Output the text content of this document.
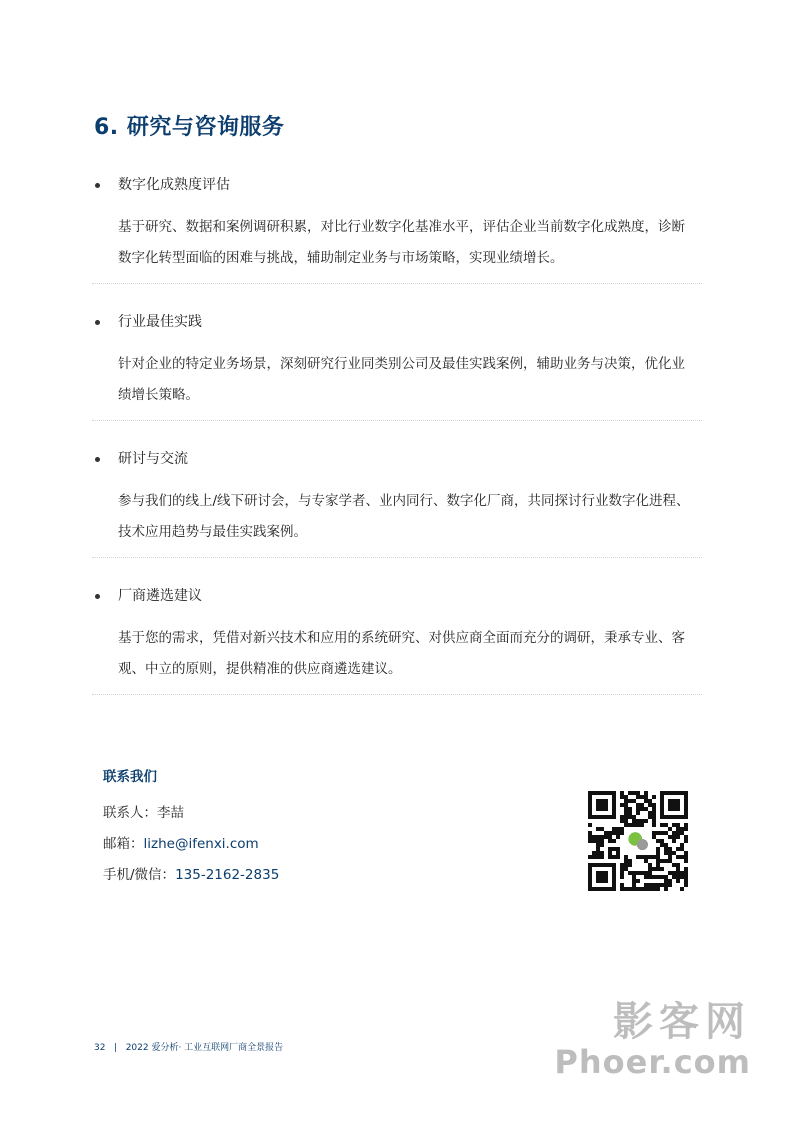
6. 研究与咨询服务
数字化成熟度评估
基于研究、数据和案例调研积累，对比行业数字化基准水平，评估企业当前数字化成熟度，诊断
数字化转型面临的困难与挑战，辅助制定业务与市场策略，实现业绩增长。
行业最佳实践
针对企业的特定业务场景，深刻研究行业同类别公司及最佳实践案例，辅助业务与决策，优化业
绩增长策略。
研讨与交流
参与我们的线上/线下研讨会，与专家学者、业内同行、数字化厂商，共同探讨行业数字化进程、
技术应用趋势与最佳实践案例。
厂商遴选建议
基于您的需求，凭借对新兴技术和应用的系统研究、对供应商全面而充分的调研，秉承专业、客
观、中立的原则，提供精准的供应商遴选建议。
联系我们
联系人：李喆
邮箱：lizhe@ifenxi.com
手机/微信：135-2162-2835
32 | 2022 爱分析· 工业互联网厂商全景报告
影客网
Phoer.com
